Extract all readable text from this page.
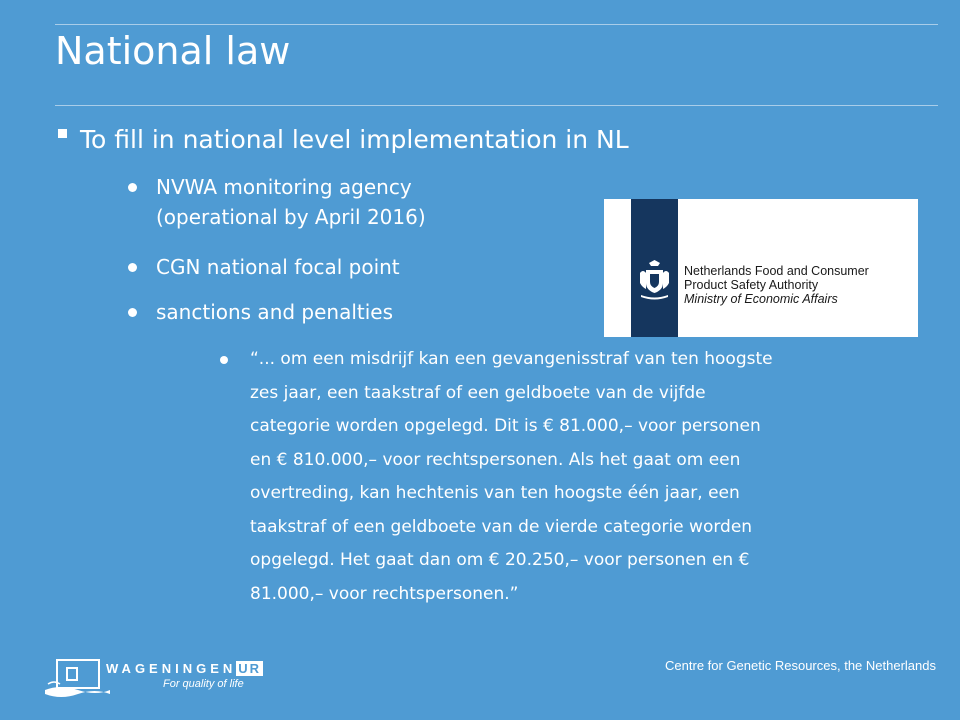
National law
To fill in national level implementation in NL
NVWA monitoring agency
(operational by April 2016)
CGN national focal point
sanctions and penalties
“... om een misdrijf kan een gevangenisstraf van ten hoogste
zes jaar, een taakstraf of een geldboete van de vijfde
categorie worden opgelegd. Dit is € 81.000,– voor personen
en € 810.000,– voor rechtspersonen. Als het gaat om een
overtreding, kan hechtenis van ten hoogste één jaar, een
taakstraf of een geldboete van de vierde categorie worden
opgelegd. Het gaat dan om € 20.250,– voor personen en €
81.000,– voor rechtspersonen.”
Netherlands Food and Consumer
Product Safety Authority
Ministry of Economic Affairs
WAGENINGEN UR
For quality of life
Centre for Genetic Resources, the Netherlands
